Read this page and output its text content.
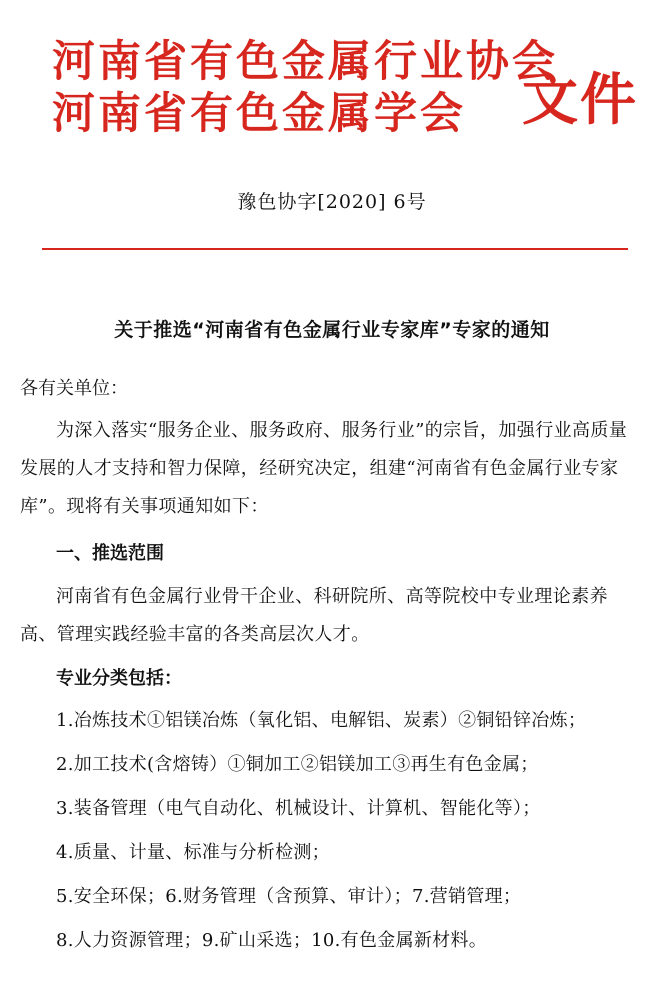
河南省有色金属行业协会
河南省有色金属学会	文件
豫色协字[2020] 6号
关于推选“河南省有色金属行业专家库”专家的通知
各有关单位：

为深入落实“服务企业、服务政府、服务行业”的宗旨，加强行业高质量发展的人才支持和智力保障，经研究决定，组建“河南省有色金属行业专家库”。现将有关事项通知如下：

一、推选范围

河南省有色金属行业骨干企业、科研院所、高等院校中专业理论素养高、管理实践经验丰富的各类高层次人才。

专业分类包括：
1.冶炼技术①铝镁冶炼（氧化铝、电解铝、炭素）②铜铅锌冶炼；
2.加工技术(含熔铸）①铜加工②铝镁加工③再生有色金属；
3.装备管理（电气自动化、机械设计、计算机、智能化等）；
4.质量、计量、标准与分析检测；
5.安全环保；6.财务管理（含预算、审计）；7.营销管理；
8.人力资源管理；9.矿山采选；10.有色金属新材料。
